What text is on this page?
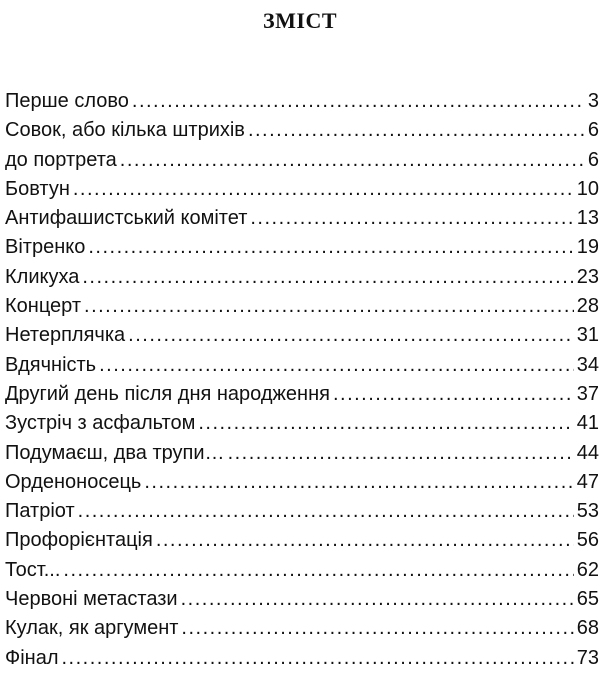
ЗМІСТ
Перше слово .....	3
Совок, або кілька штрихів .....	6
до портрета .....	6
Бовтун .....	10
Антифашистський комітет .....	13
Вітренко .....	19
Кликуха .....	23
Концерт .....	28
Нетерплячка .....	31
Вдячність .....	34
Другий день після дня народження .....	37
Зустріч з асфальтом .....	41
Подумаєш, два трупи… .....	44
Орденоносець .....	47
Патріот .....	53
Профорієнтація .....	56
Тост... .....	62
Червоні метастази .....	65
Кулак, як аргумент .....	68
Фінал .....	73
